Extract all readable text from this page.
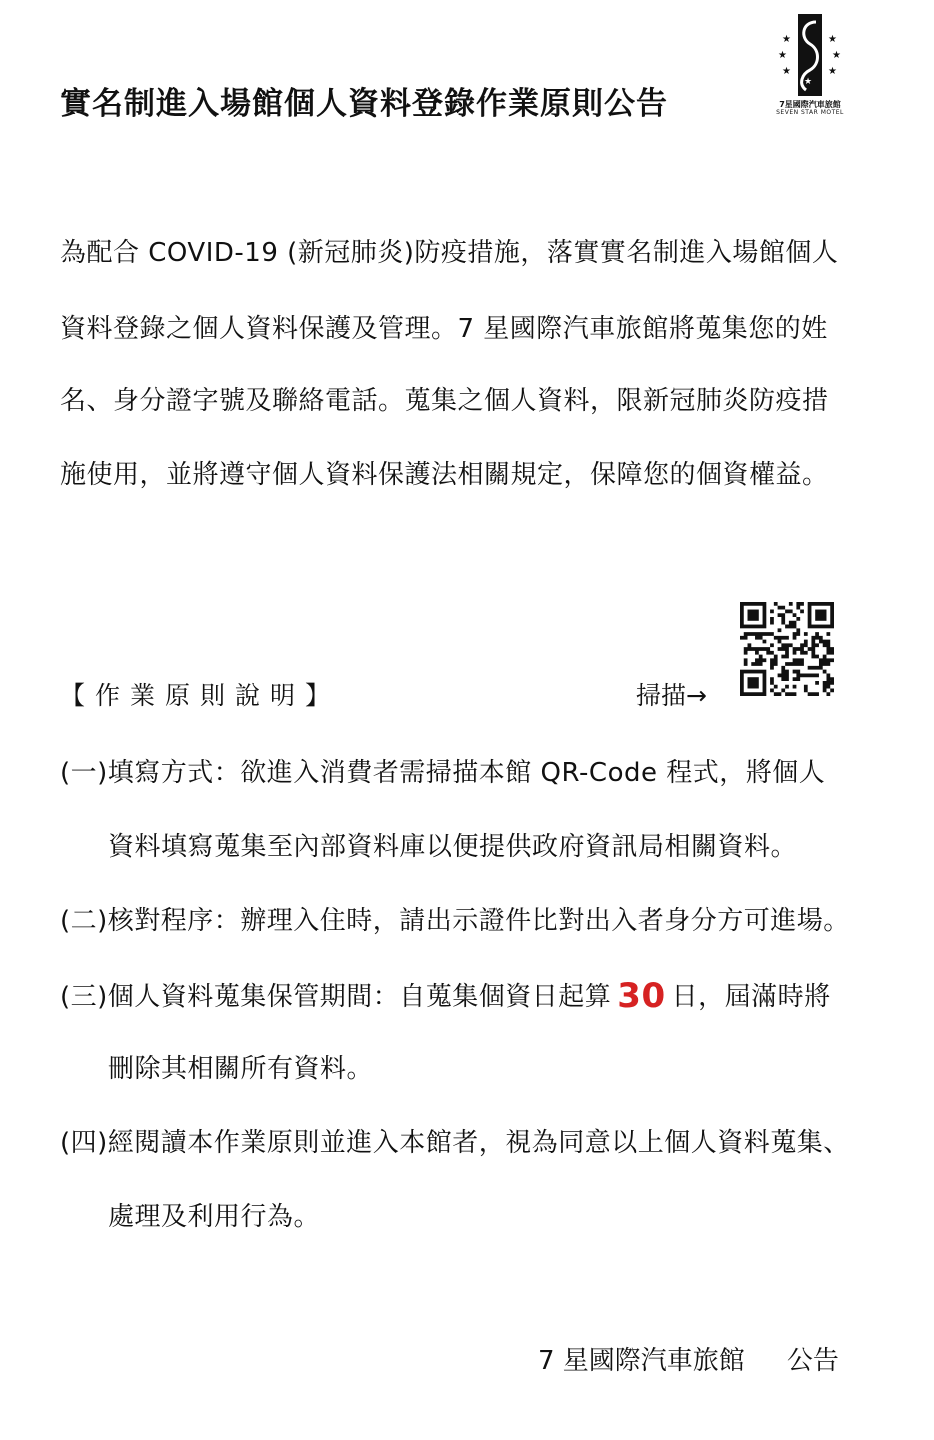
實名制進入場館個人資料登錄作業原則公告
★
★
★
★
★
★
★
7星國際汽車旅館
SEVEN STAR MOTEL
為配合 COVID-19 (新冠肺炎)防疫措施，落實實名制進入場館個人
資料登錄之個人資料保護及管理。7 星國際汽車旅館將蒐集您的姓
名、身分證字號及聯絡電話。蒐集之個人資料，限新冠肺炎防疫措
施使用，並將遵守個人資料保護法相關規定，保障您的個資權益。
【作業原則說明】	掃描→
(一)填寫方式：欲進入消費者需掃描本館 QR-Code 程式，將個人
資料填寫蒐集至內部資料庫以便提供政府資訊局相關資料。
(二)核對程序：辦理入住時，請出示證件比對出入者身分方可進場。
(三)個人資料蒐集保管期間：自蒐集個資日起算 30 日，屆滿時將
刪除其相關所有資料。
(四)經閱讀本作業原則並進入本館者，視為同意以上個人資料蒐集、
處理及利用行為。
7 星國際汽車旅館 公告
